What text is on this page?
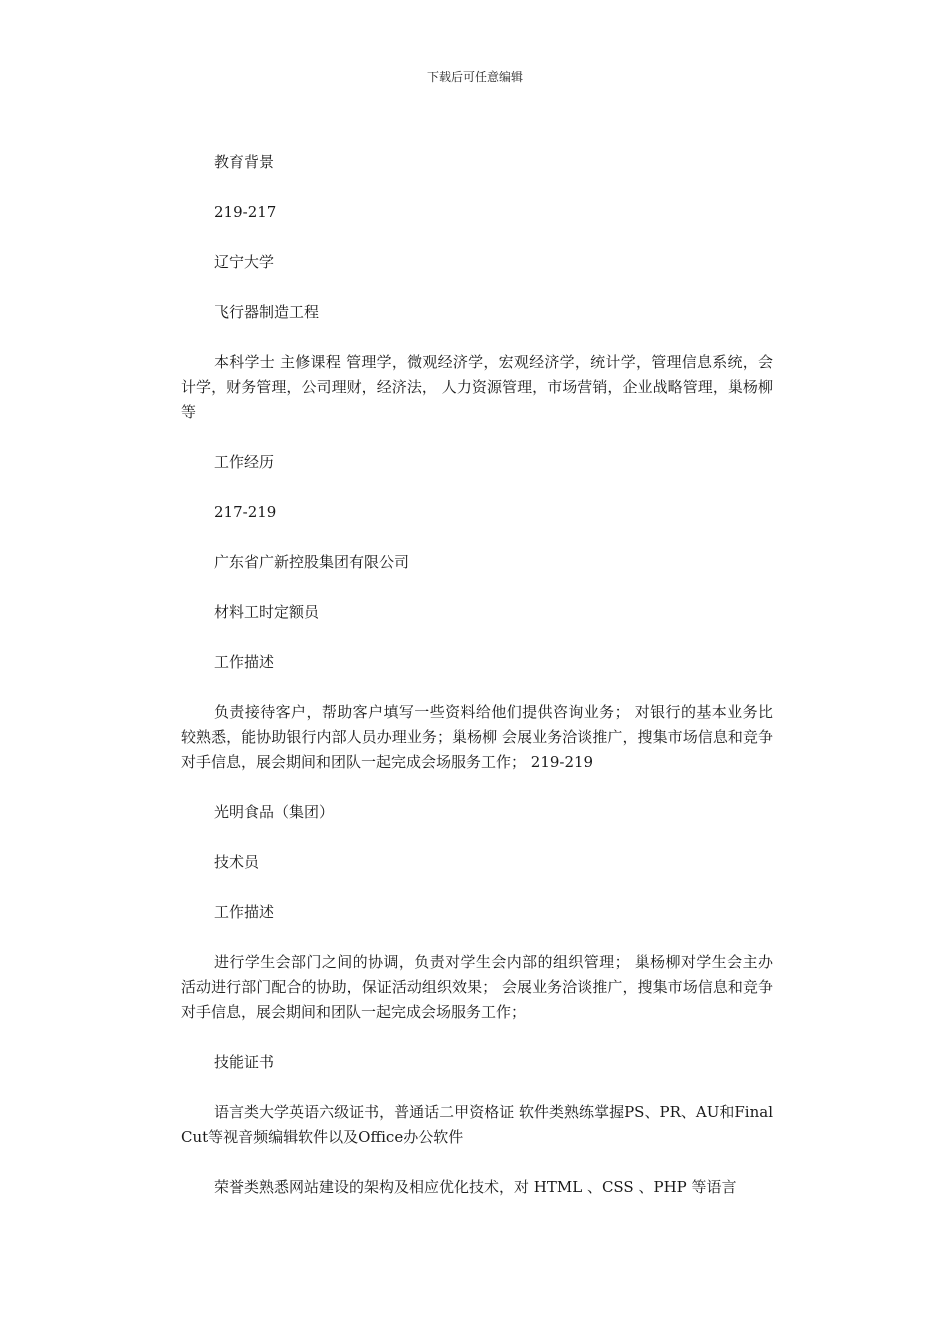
下载后可任意编辑

教育背景

219-217

辽宁大学

飞行器制造工程

本科学士 主修课程 管理学，微观经济学，宏观经济学，统计学，管理信息系统，会计学，财务管理，公司理财，经济法， 人力资源管理，市场营销，企业战略管理，巢杨柳等

工作经历

217-219

广东省广新控股集团有限公司

材料工时定额员

工作描述

负责接待客户，帮助客户填写一些资料给他们提供咨询业务； 对银行的基本业务比较熟悉，能协助银行内部人员办理业务；巢杨柳 会展业务洽谈推广，搜集市场信息和竞争对手信息，展会期间和团队一起完成会场服务工作； 219-219

光明食品（集团）

技术员

工作描述

进行学生会部门之间的协调，负责对学生会内部的组织管理； 巢杨柳对学生会主办活动进行部门配合的协助，保证活动组织效果； 会展业务洽谈推广，搜集市场信息和竞争对手信息，展会期间和团队一起完成会场服务工作；

技能证书

语言类大学英语六级证书，普通话二甲资格证 软件类熟练掌握PS、PR、AU和Final Cut等视音频编辑软件以及Office办公软件

荣誉类熟悉网站建设的架构及相应优化技术，对 HTML 、CSS 、PHP 等语言
